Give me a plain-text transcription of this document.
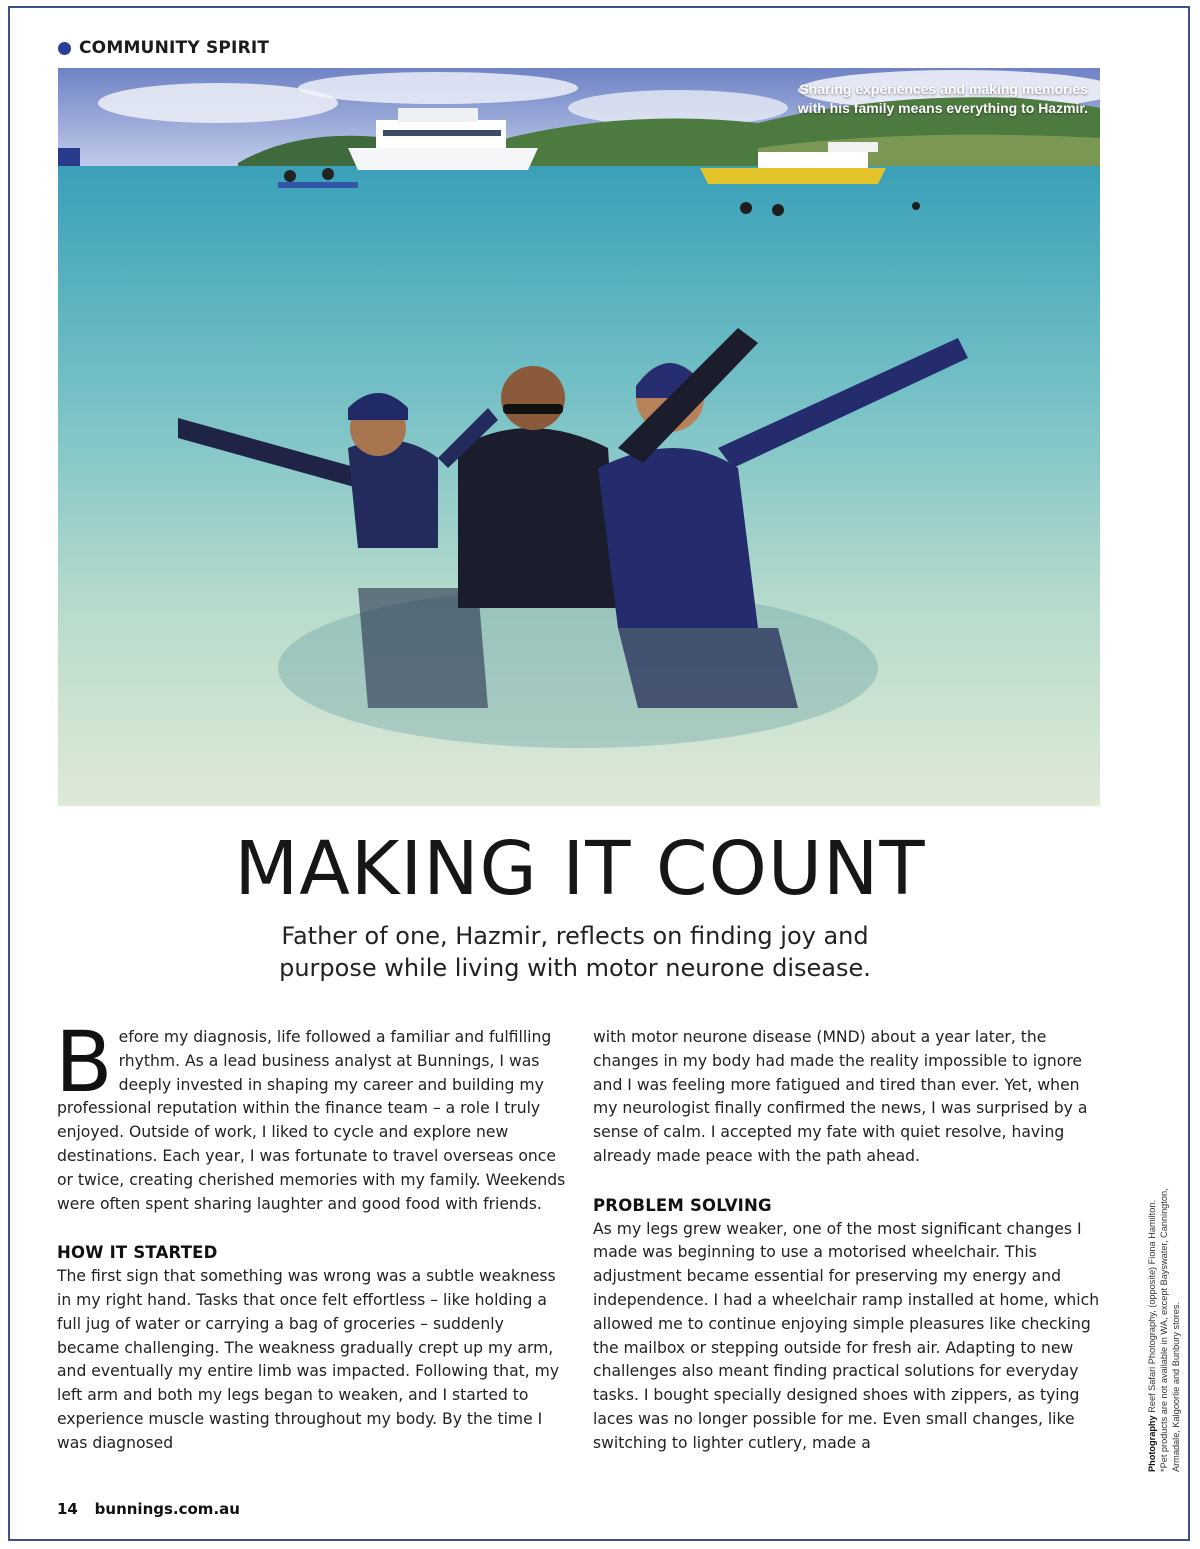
COMMUNITY SPIRIT
Sharing experiences and making memories with his family means everything to Hazmir.
MAKING IT COUNT
Father of one, Hazmir, reflects on finding joy and purpose while living with motor neurone disease.

Before my diagnosis, life followed a familiar and fulfilling rhythm. As a lead business analyst at Bunnings, I was deeply invested in shaping my career and building my professional reputation within the finance team – a role I truly enjoyed. Outside of work, I liked to cycle and explore new destinations. Each year, I was fortunate to travel overseas once or twice, creating cherished memories with my family. Weekends were often spent sharing laughter and good food with friends.

HOW IT STARTED

The first sign that something was wrong was a subtle weakness in my right hand. Tasks that once felt effortless – like holding a full jug of water or carrying a bag of groceries – suddenly became challenging. The weakness gradually crept up my arm, and eventually my entire limb was impacted. Following that, my left arm and both my legs began to weaken, and I started to experience muscle wasting throughout my body. By the time I was diagnosed

with motor neurone disease (MND) about a year later, the changes in my body had made the reality impossible to ignore and I was feeling more fatigued and tired than ever. Yet, when my neurologist finally confirmed the news, I was surprised by a sense of calm. I accepted my fate with quiet resolve, having already made peace with the path ahead.

PROBLEM SOLVING

As my legs grew weaker, one of the most significant changes I made was beginning to use a motorised wheelchair. This adjustment became essential for preserving my energy and independence. I had a wheelchair ramp installed at home, which allowed me to continue enjoying simple pleasures like checking the mailbox or stepping outside for fresh air. Adapting to new challenges also meant finding practical solutions for everyday tasks. I bought specially designed shoes with zippers, as tying laces was no longer possible for me. Even small changes, like switching to lighter cutlery, made a	Photography Reef Safari Photography, (opposite) Fiona Hamilton. *Pet products are not available in WA, except Bayswater, Cannington, Armadale, Kalgoorlie and Bunbury stores.
14 bunnings.com.au
